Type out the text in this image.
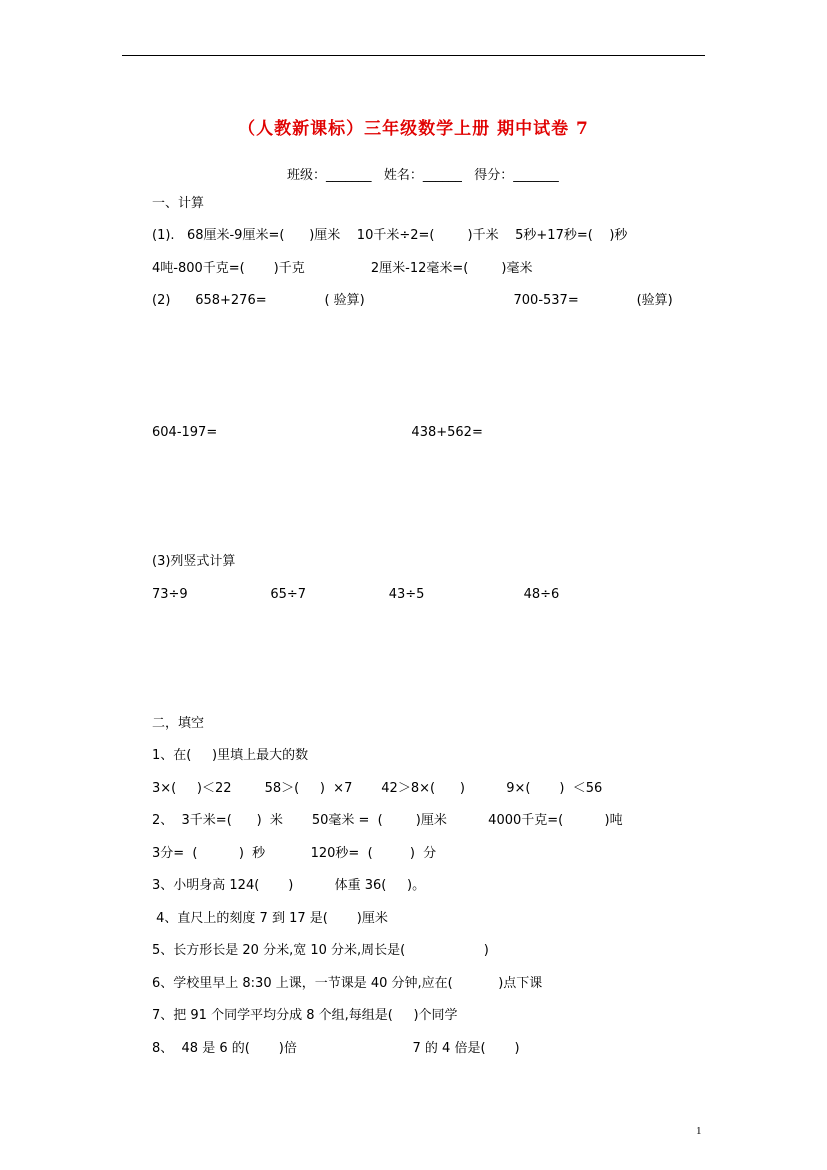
（人教新课标）三年级数学上册 期中试卷 7
班级：_______   姓名：______   得分：_______
一、计算
(1).   68厘米-9厘米=(      )厘米    10千米÷2=(        )千米    5秒+17秒=(    )秒
4吨-800千克=(       )千克                2厘米-12毫米=(        )毫米
(2)      658+276=              ( 验算)                                    700-537=              (验算)
604-197=                                               438+562=
(3)列竖式计算
73÷9                    65÷7                    43÷5                        48÷6
二，填空
1、在(     )里填上最大的数
3×(     )＜22        58＞(     )  ×7       42＞8×(      )          9×(       )  ＜56
2、  3千米=(      )  米       50毫米 =  (        )厘米          4000千克=(          )吨
3分=  (          )  秒           120秒=  (         )  分
3、小明身高 124(       )          体重 36(     )。
4、直尺上的刻度 7 到 17 是(       )厘米
5、长方形长是 20 分米,宽 10 分米,周长是(                   )
6、学校里早上 8:30 上课，一节课是 40 分钟,应在(           )点下课
7、把 91 个同学平均分成 8 个组,每组是(     )个同学
8、  48 是 6 的(       )倍                            7 的 4 倍是(       )
1
